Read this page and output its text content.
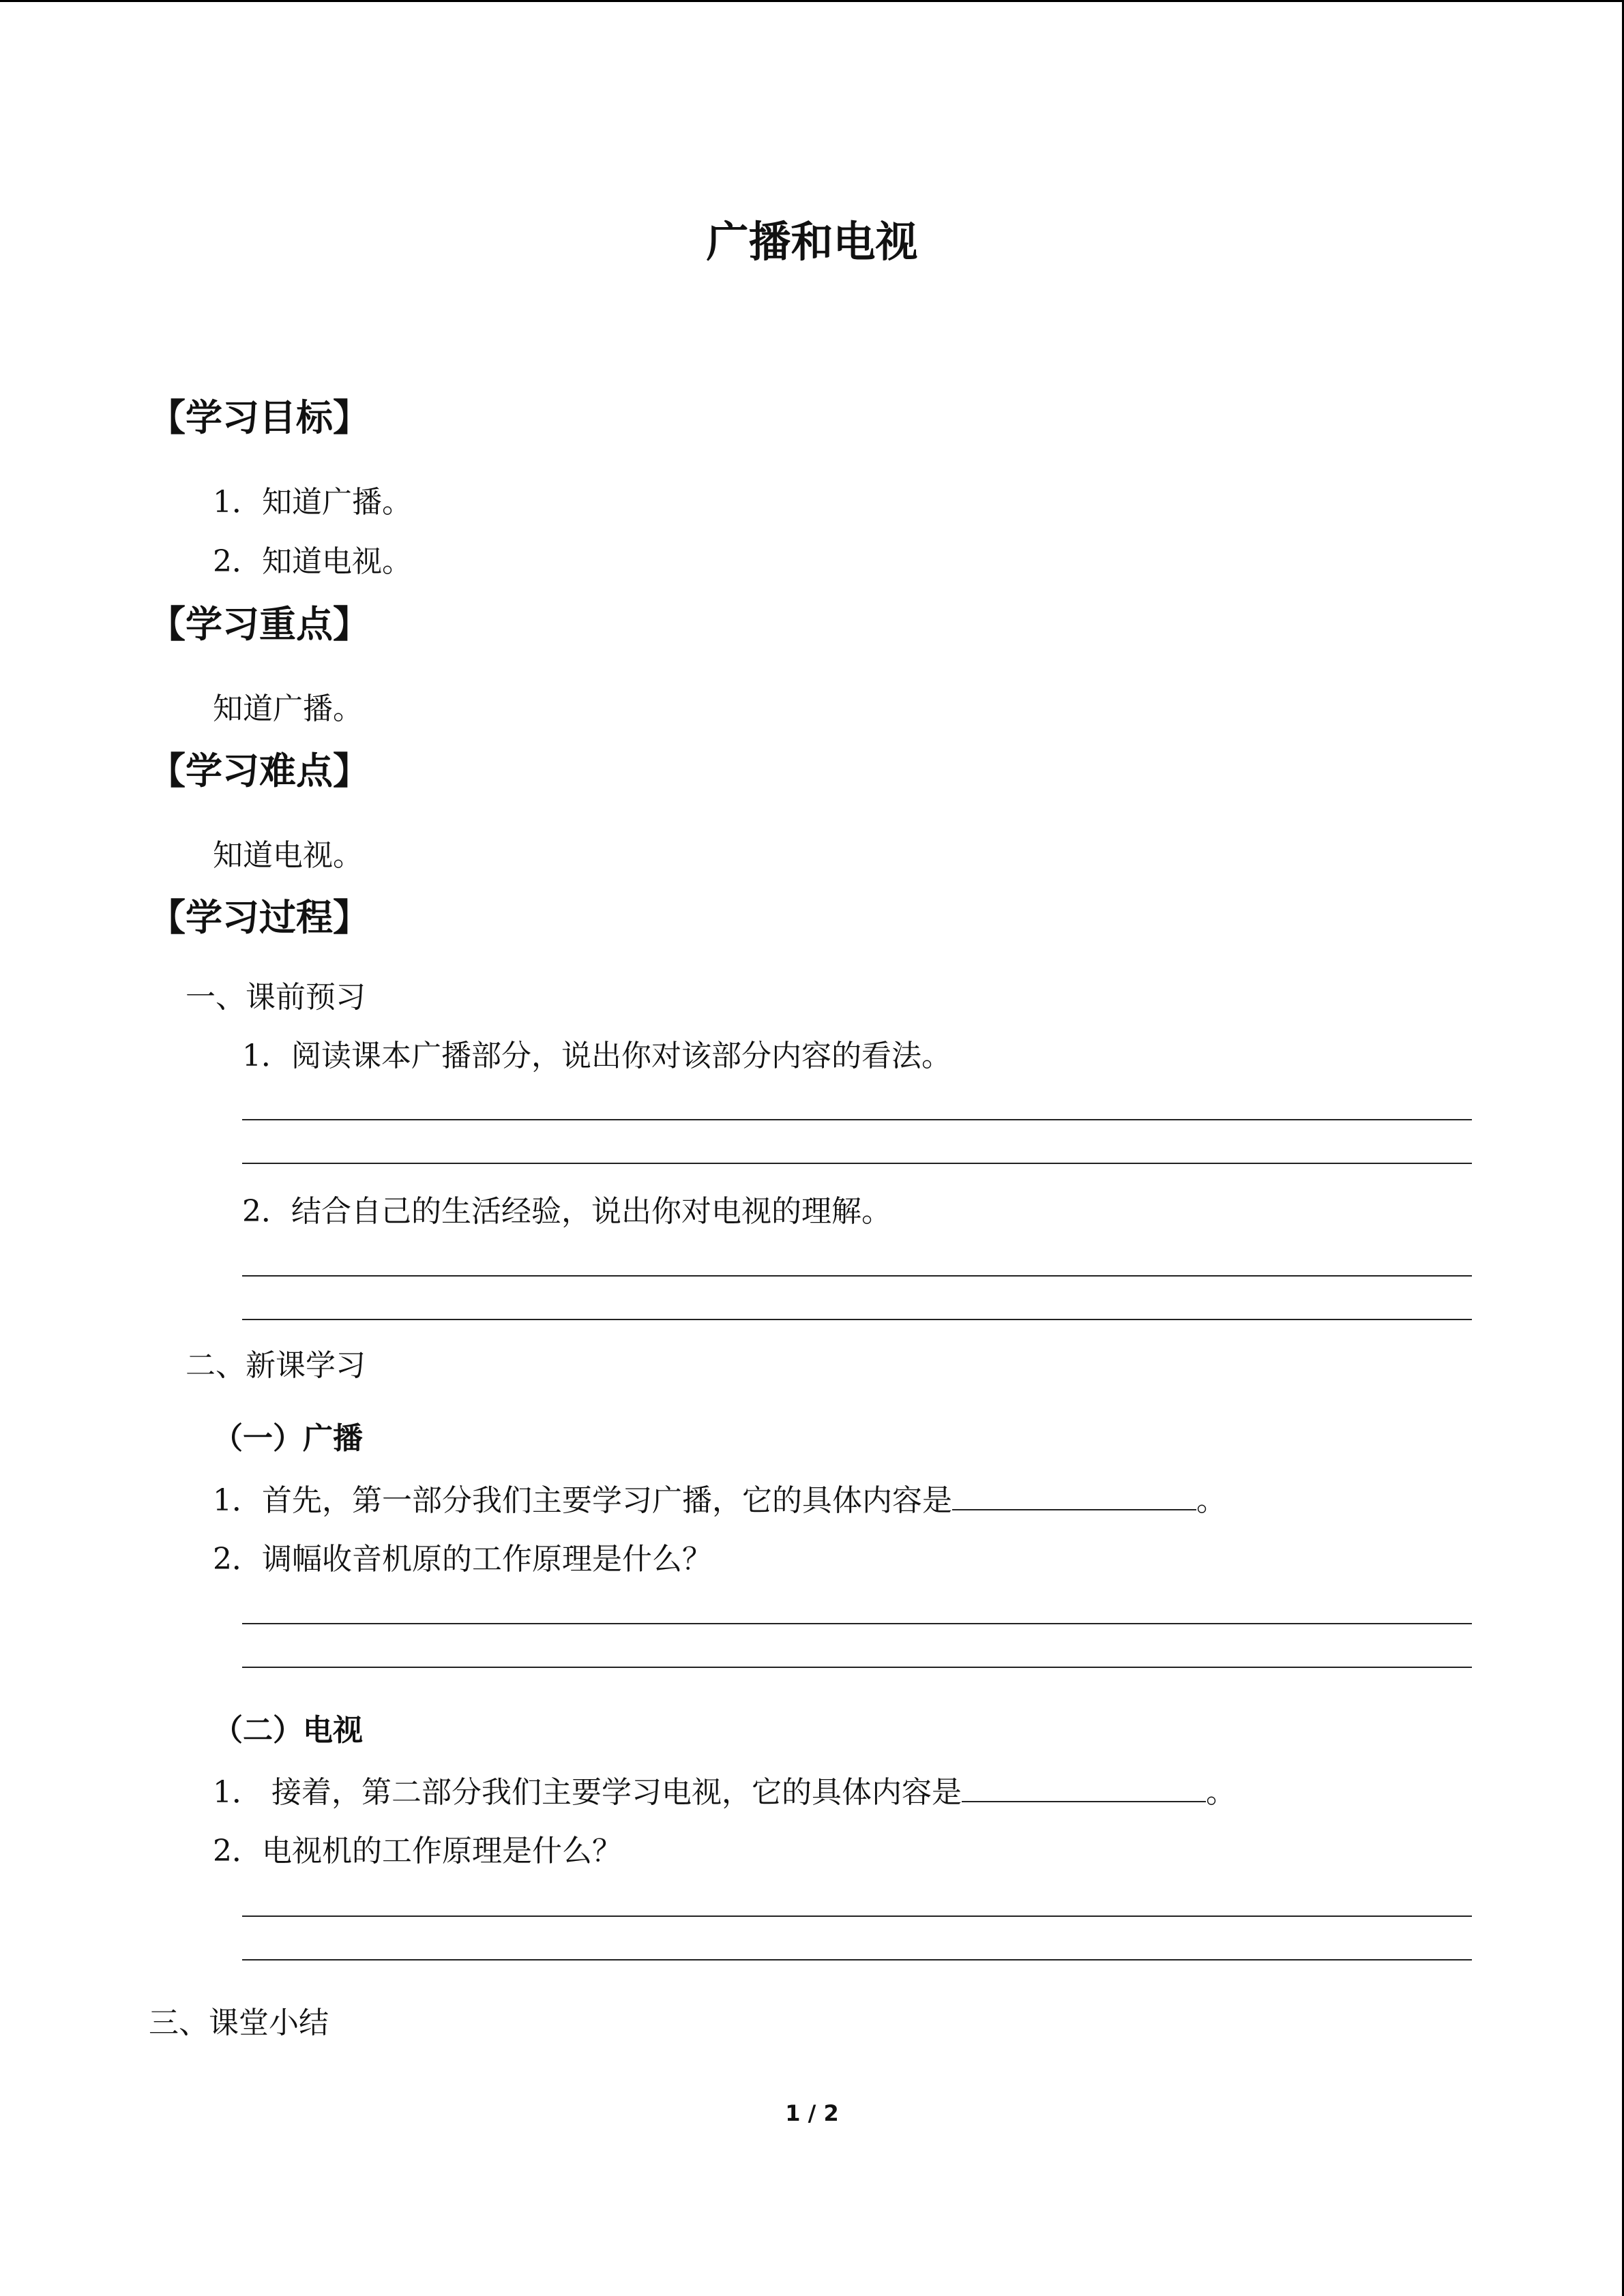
广播和电视
【学习目标】
1．知道广播。
2．知道电视。
【学习重点】
知道广播。
【学习难点】
知道电视。
【学习过程】
一、课前预习
1．阅读课本广播部分，说出你对该部分内容的看法。
2．结合自己的生活经验，说出你对电视的理解。
二、新课学习
（一）广播
1．首先，第一部分我们主要学习广播，它的具体内容是	。
2．调幅收音机原的工作原理是什么？
（二）电视
1． 接着，第二部分我们主要学习电视，它的具体内容是	。
2．电视机的工作原理是什么？
三、课堂小结
1 / 2
